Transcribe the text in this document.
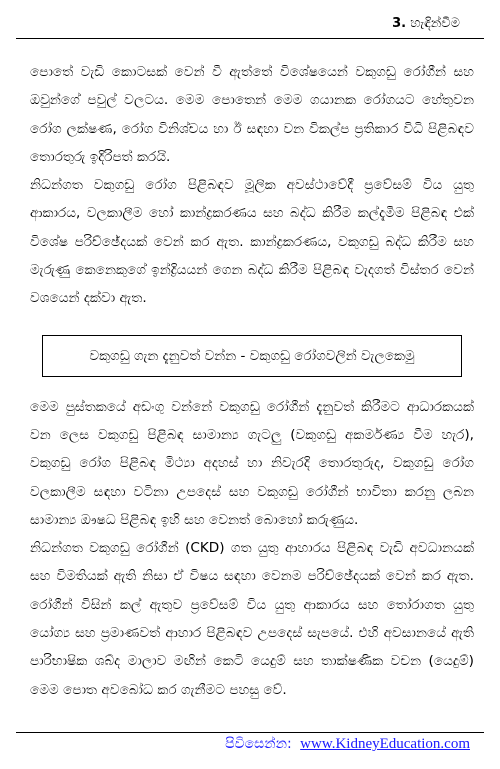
3. හැඳින්වීම

පොතේ වැඩි කොටසක් වෙන් වී ඇත්තේ විශේෂයෙන් වකුගඩු රෝගීන් සහ ඔවුන්ගේ පවුල් වලටය. මෙම පොතෙන් මෙම ගයානක රෝගයට හේතුවන රෝග ලක්ෂණ, රෝග විනිශ්චය හා ඊ සඳහා වන විකල්ප ප්‍රතිකාර විධි පිළිබඳව තොරතුරු ඉදිරිපත් කරයි.

නිධන්ගත වකුගඩු රෝග පිළිබඳව මූලික අවස්ථාවේදී ප්‍රවේසම් විය යුතු ආකාරය, වලකාලීම හෝ කාන්ද්‍රකරණය සහ බද්ධ කිරීම කල්දැමීම පිළිබඳ එක් විශේෂ පරිච්ඡේදයක් වෙන් කර ඇත. කාන්ද්‍රකරණය, වකුගඩු බද්ධ කිරීම සහ මැරුණු කෙනෙකුගේ ඉන්ද්‍රියයන් ගෙන බද්ධ කිරීම පිළිබඳ වැදගත් විස්තර වෙන් වශයෙන් දක්වා ඇත.

වකුගඩු ගැන දැනුවත් වන්න - වකුගඩු රෝගවලින් වැලකෙමු

මෙම පුස්තකයේ අඩංගු වන්නේ වකුගඩු රෝගීන් දැනුවත් කිරීමට ආධාරකයක් වන ලෙස වකුගඩු පිළිබඳ සාමාන්‍ය ගැටලු (වකුගඩු අකර්මණ්‍ය වීම හැර), වකුගඩු රෝග පිළිබඳ මිථ්‍යා අදහස් හා නිවැරදි තොරතුරුද, වකුගඩු රෝග වලකාලීම සඳහා වටිනා උපදෙස් සහ වකුගඩු රෝගීන් භාවිතා කරනු ලබන සාමාන්‍ය ඖෂධ පිළිබඳ ඉහි සහ වෙනත් බොහෝ කරුණුය.

නිධන්ගත වකුගඩු රෝගීන් (CKD) ගත යුතු ආහාරය පිළිබඳ වැඩි අවධානයක් සහ විමතියක් ඇති නිසා ඒ විෂය සඳහා වෙනම පරිච්ඡේදයක් වෙන් කර ඇත. රෝගීන් විසින් කල් ඇතුව ප්‍රවේසම් විය යුතු ආකාරය සහ තෝරාගත යුතු යෝග්‍ය සහ ප්‍රමාණවත් ආහාර පිළිබඳව උපදෙස් සැපයේ. එහි අවසානයේ ඇති පාරිභාෂික ශබ්ද මාලාව මඟින් කෙටි යෙදුම් සහ තාක්ෂණික වචන (යෙදුම්) මෙම පොත අවබෝධ කර ගැනීමට පහසු වේ.

පිවිසෙන්න: www.KidneyEducation.com
